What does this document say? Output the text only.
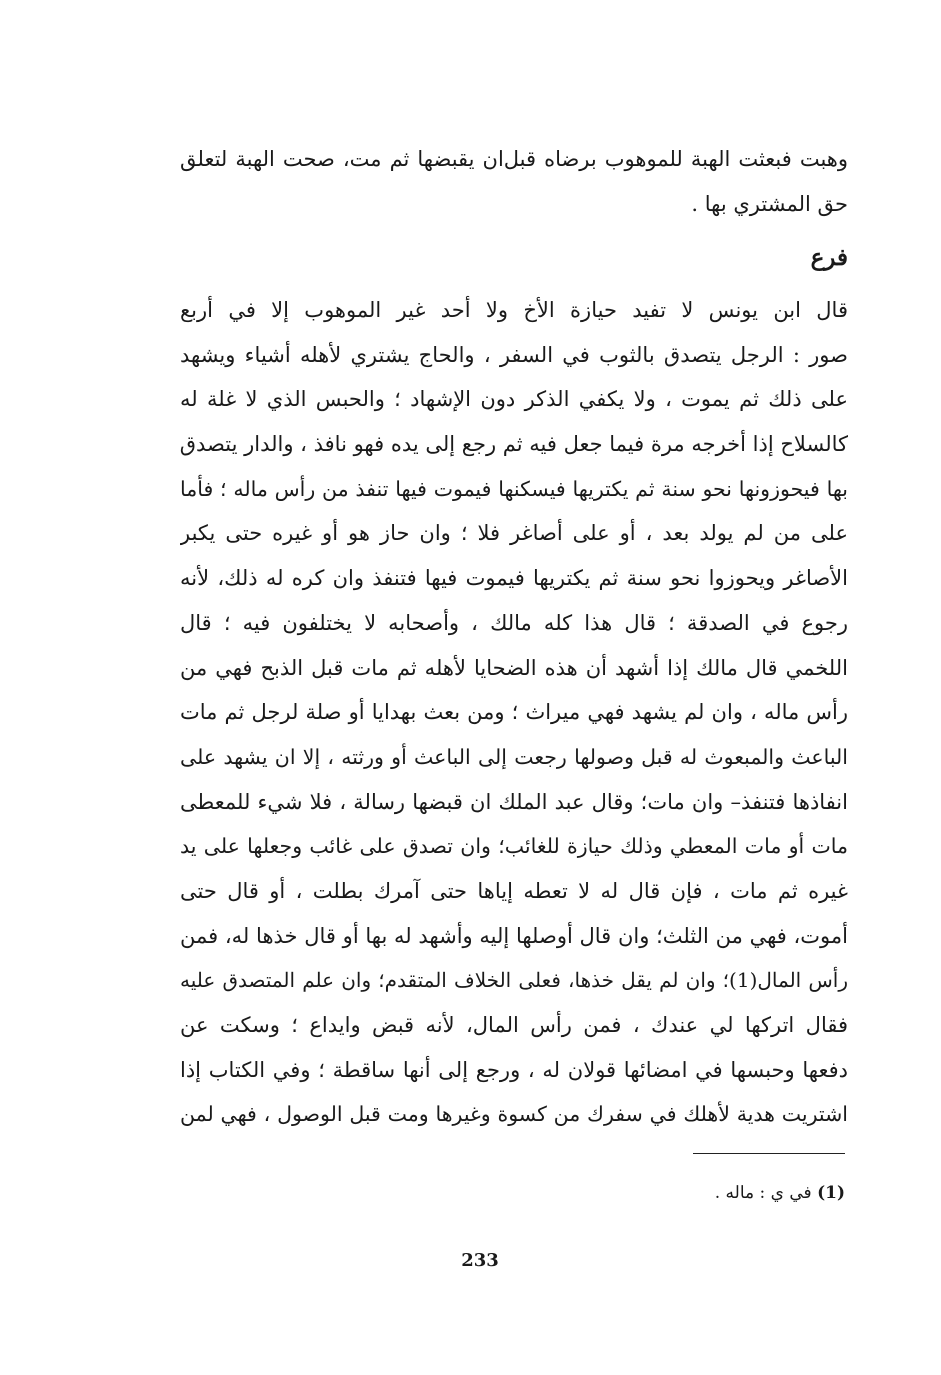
وهبت فبعثت الهبة للموهوب برضاه قبل‌ان يقبضها ثم مت، صحت الهبة لتعلق
حق المشتري بها .
فرع
قال ابن يونس لا تفيد حيازة الأخ ولا أحد غير الموهوب إلا في أربع
صور : الرجل يتصدق بالثوب في السفر ، والحاج يشتري لأهله أشياء ويشهد
على ذلك ثم يموت ، ولا يكفي الذكر دون الإشهاد ؛ والحبس الذي لا غلة له
كالسلاح إذا أخرجه مرة فيما جعل فيه ثم رجع إلى يده فهو نافذ ، والدار يتصدق
بها فيحوزونها نحو سنة ثم يكتريها فيسكنها فيموت فيها تنفذ من رأس ماله ؛ فأما
على من لم يولد بعد ، أو على أصاغر فلا ؛ وان حاز هو أو غيره حتى يكبر
الأصاغر ويحوزوا نحو سنة ثم يكتريها فيموت فيها فتنفذ وان كره له ذلك، لأنه
رجوع في الصدقة ؛ قال هذا كله مالك ، وأصحابه لا يختلفون فيه ؛ قال
اللخمي قال مالك إذا أشهد أن هذه الضحايا لأهله ثم مات قبل الذبح فهي من
رأس ماله ، وان لم يشهد فهي ميراث ؛ ومن بعث بهدايا أو صلة لرجل ثم مات
الباعث والمبعوث له قبل وصولها رجعت إلى الباعث أو ورثته ، إلا ان يشهد على
انفاذها فتنفذ– وان مات؛ وقال عبد الملك ان قبضها رسالة ، فلا شيء للمعطى
مات أو مات المعطي وذلك حيازة للغائب؛ وان تصدق على غائب وجعلها على يد
غيره ثم مات ، فإن قال له لا تعطه إياها حتى آمرك بطلت ، أو قال حتى
أموت، فهي من الثلث؛ وان قال أوصلها إليه وأشهد له بها أو قال خذها له، فمن
رأس المال(1)؛ وان لم يقل خذها، فعلى الخلاف المتقدم؛ وان علم المتصدق عليه
فقال اتركها لي عندك ، فمن رأس المال، لأنه قبض وايداع ؛ وسكت عن
دفعها وحبسها في امضائها قولان له ، ورجع إلى أنها ساقطة ؛ وفي الكتاب إذا
اشتريت هدية لأهلك في سفرك من كسوة وغيرها ومت قبل الوصول ، فهي لمن
(1) في ي : ماله .
233
